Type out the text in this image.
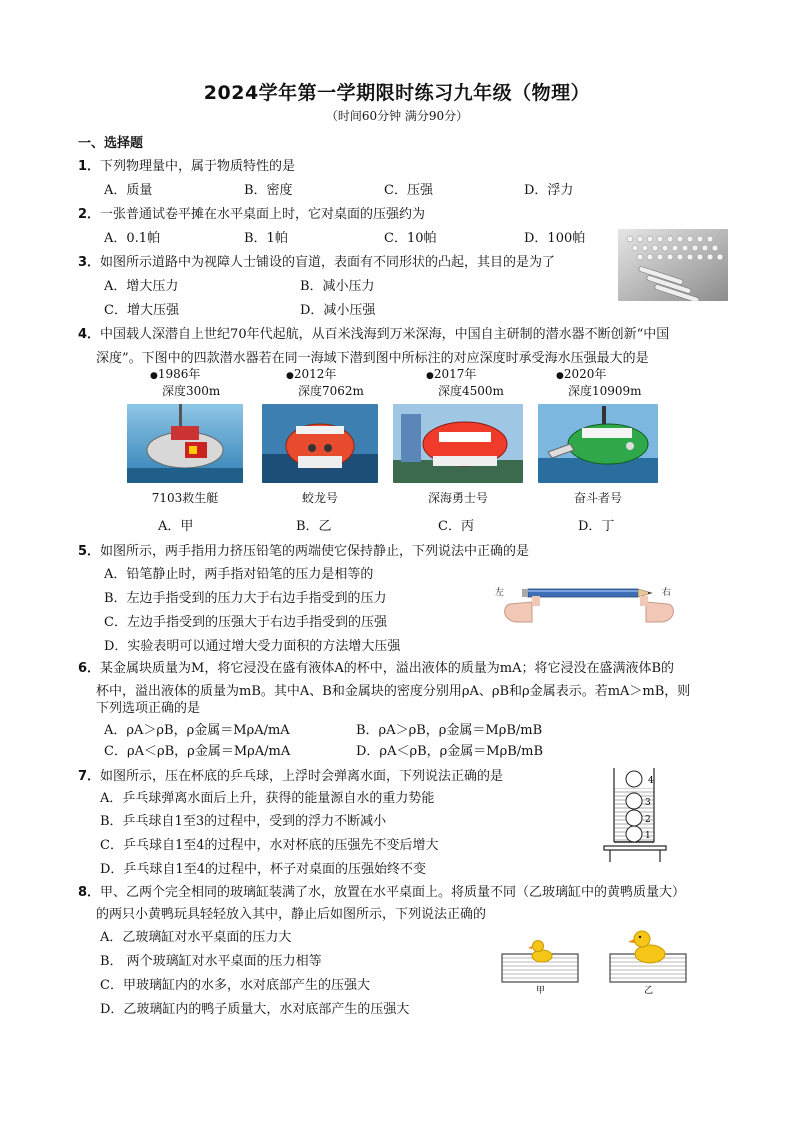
2024学年第一学期限时练习九年级（物理）
（时间60分钟 满分90分）
一、选择题
1．下列物理量中，属于物质特性的是
A．质量	B．密度	C．压强	D．浮力
2．一张普通试卷平摊在水平桌面上时，它对桌面的压强约为
A．0.1帕	B．1帕	C．10帕	D．100帕
3．如图所示道路中为视障人士铺设的盲道，表面有不同形状的凸起，其目的是为了
A．增大压力	B．减小压力
C．增大压强	D．减小压强
4．中国载人深潜自上世纪70年代起航，从百米浅海到万米深海，中国自主研制的潜水器不断创新“中国
深度”。下图中的四款潜水器若在同一海域下潜到图中所标注的对应深度时承受海水压强最大的是
●1986年
深度300m
●2012年
深度7062m
●2017年
深度4500m
●2020年
深度10909m
7103救生艇	蛟龙号	深海勇士号	奋斗者号
A．甲	B．乙	C．丙	D．丁
5．如图所示，两手指用力挤压铅笔的两端使它保持静止，下列说法中正确的是
A．铅笔静止时，两手指对铅笔的压力是相等的
B．左边手指受到的压力大于右边手指受到的压力
C．左边手指受到的压强大于右边手指受到的压强
D．实验表明可以通过增大受力面积的方法增大压强
左	右
6．某金属块质量为M，将它浸没在盛有液体A的杯中，溢出液体的质量为mA；将它浸没在盛满液体B的
杯中，溢出液体的质量为mB。其中A、B和金属块的密度分别用ρA、ρB和ρ金属表示。若mA＞mB，则
下列选项正确的是
A．ρA＞ρB，ρ金属＝MρA/mA	B．ρA＞ρB，ρ金属＝MρB/mB
C．ρA＜ρB，ρ金属＝MρA/mA	D．ρA＜ρB，ρ金属＝MρB/mB
7．如图所示，压在杯底的乒乓球，上浮时会弹离水面，下列说法正确的是
A．乒乓球弹离水面后上升，获得的能量源自水的重力势能
B．乒乓球自1至3的过程中，受到的浮力不断减小
C．乒乓球自1至4的过程中，水对杯底的压强先不变后增大
D．乒乓球自1至4的过程中，杯子对桌面的压强始终不变
4
3
2
1
8．甲、乙两个完全相同的玻璃缸装满了水，放置在水平桌面上。将质量不同（乙玻璃缸中的黄鸭质量大）
的两只小黄鸭玩具轻轻放入其中，静止后如图所示，下列说法正确的
A．乙玻璃缸对水平桌面的压力大
B． 两个玻璃缸对水平桌面的压力相等
C．甲玻璃缸内的水多，水对底部产生的压强大
D．乙玻璃缸内的鸭子质量大，水对底部产生的压强大
甲	乙
